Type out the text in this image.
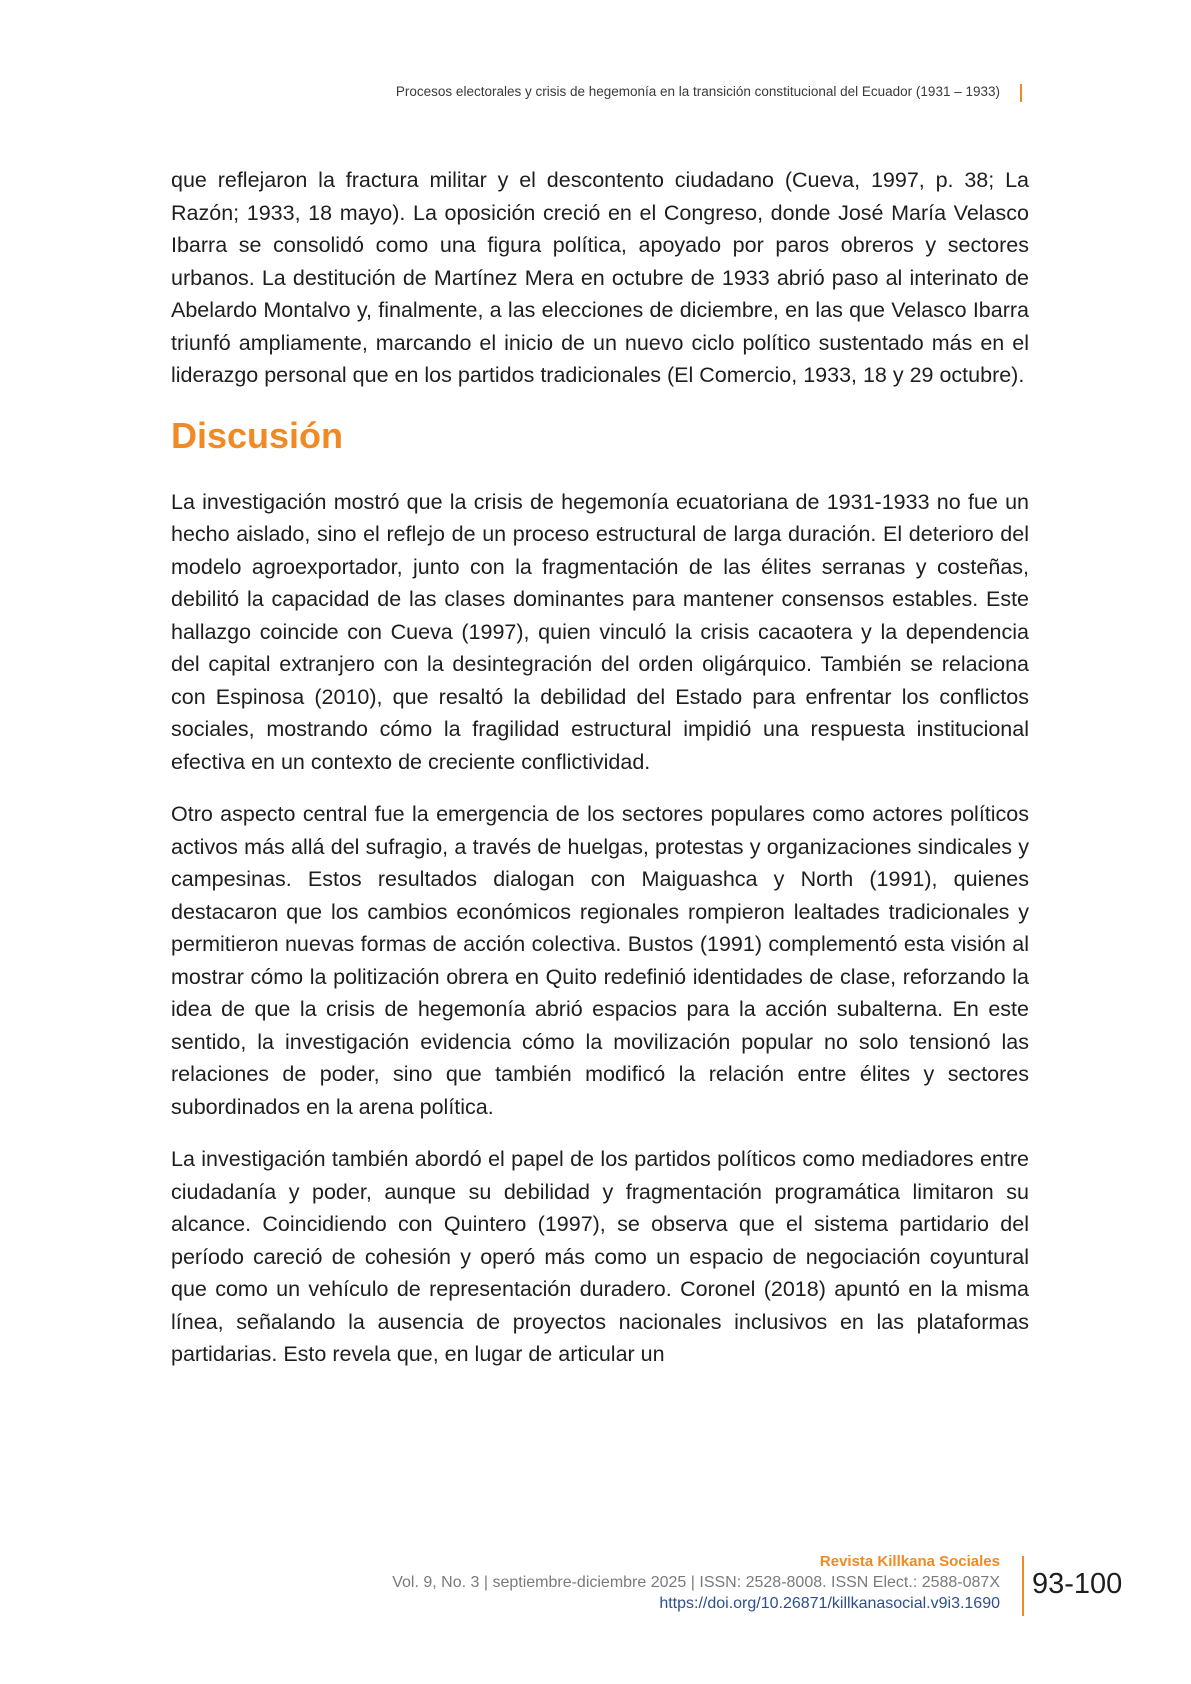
Procesos electorales y crisis de hegemonía en la transición constitucional del Ecuador (1931 – 1933)

que reflejaron la fractura militar y el descontento ciudadano (Cueva, 1997, p. 38; La Razón; 1933, 18 mayo). La oposición creció en el Congreso, donde José María Velasco Ibarra se consolidó como una figura política, apoyado por paros obreros y sectores urbanos. La destitución de Martínez Mera en octubre de 1933 abrió paso al interinato de Abelardo Montalvo y, finalmente, a las elecciones de diciembre, en las que Velasco Ibarra triunfó ampliamente, marcando el inicio de un nuevo ciclo político sustentado más en el liderazgo personal que en los partidos tradicionales (El Comercio, 1933, 18 y 29 octubre).

Discusión

La investigación mostró que la crisis de hegemonía ecuatoriana de 1931-1933 no fue un hecho aislado, sino el reflejo de un proceso estructural de larga duración. El deterioro del modelo agroexportador, junto con la fragmentación de las élites serranas y costeñas, debilitó la capacidad de las clases dominantes para mantener consensos estables. Este hallazgo coincide con Cueva (1997), quien vinculó la crisis cacaotera y la dependencia del capital extranjero con la desintegración del orden oligárquico. También se relaciona con Espinosa (2010), que resaltó la debilidad del Estado para enfrentar los conflictos sociales, mostrando cómo la fragilidad estructural impidió una respuesta institucional efectiva en un contexto de creciente conflictividad.

Otro aspecto central fue la emergencia de los sectores populares como actores políticos activos más allá del sufragio, a través de huelgas, protestas y organizaciones sindicales y campesinas. Estos resultados dialogan con Maiguashca y North (1991), quienes destacaron que los cambios económicos regionales rompieron lealtades tradicionales y permitieron nuevas formas de acción colectiva. Bustos (1991) complementó esta visión al mostrar cómo la politización obrera en Quito redefinió identidades de clase, reforzando la idea de que la crisis de hegemonía abrió espacios para la acción subalterna. En este sentido, la investigación evidencia cómo la movilización popular no solo tensionó las relaciones de poder, sino que también modificó la relación entre élites y sectores subordinados en la arena política.

La investigación también abordó el papel de los partidos políticos como mediadores entre ciudadanía y poder, aunque su debilidad y fragmentación programática limitaron su alcance. Coincidiendo con Quintero (1997), se observa que el sistema partidario del período careció de cohesión y operó más como un espacio de negociación coyuntural que como un vehículo de representación duradero. Coronel (2018) apuntó en la misma línea, señalando la ausencia de proyectos nacionales inclusivos en las plataformas partidarias. Esto revela que, en lugar de articular un

Revista Killkana Sociales
Vol. 9, No. 3 | septiembre-diciembre 2025 | ISSN: 2528-8008. ISSN Elect.: 2588-087X
https://doi.org/10.26871/killkanasocial.v9i3.1690
93-100
